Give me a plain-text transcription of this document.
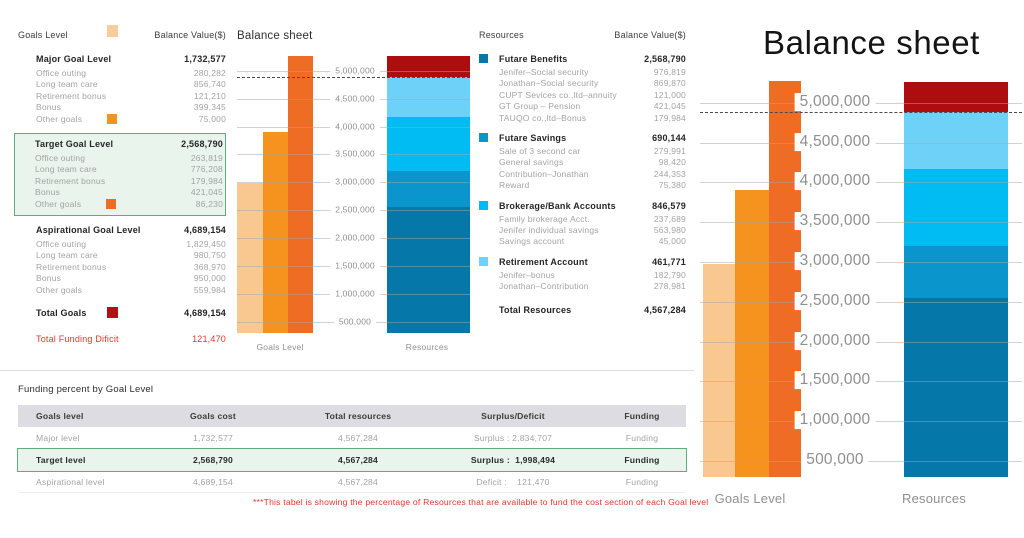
Goals Level	Balance Value($)
Major Goal Level	1,732,577
Office outing	280,282
Long team care	856,740
Retirement bonus	121,210
Bonus	399,345
Other goals	75,000
Target Goal Level	2,568,790
Office outing	263,819
Long team care	776,208
Retirement bonus	179,984
Bonus	421,045
Other goals	86,230
Aspirational Goal Level	4,689,154
Office outing	1,829,450
Long team care	980,750
Retirement bonus	368,970
Bonus	950,000
Other goals	559,984
Total Goals	4,689,154
Total Funding Dificit	121,470
Balance sheet
5,000,000
4,500,000
4,000,000
3,500,000
3,000,000
2,500,000
2,000,000
1,500,000
1,000,000
500,000
Goals Level	Resources
Resources	Balance Value($)
Futare Benefits	2,568,790
Jenifer–Social security	976,819
Jonathan–Social security	869,870
CUPT Sevices co.,ltd–annuity	121,000
GT Group – Pension	421,045
TAUQO co.,ltd–Bonus	179,984
Futare Savings	690,144
Sale of 3 second car	279,991
General savings	98,420
Contribution–Jonathan	244,353
Reward	75,380
Brokerage/Bank Accounts	846,579
Family brokerage Acct.	237,689
Jenifer individual savings	563,980
Savings account	45,000
Retirement Account	461,771
Jenifer–bonus	182,790
Jonathan–Contribution	278,981
Total Resources	4,567,284
Balance sheet
5,000,000
4,500,000
4,000,000
3,500,000
3,000,000
2,500,000
2,000,000
1,500,000
1,000,000
500,000
Goals Level	Resources
Funding percent by Goal Level
Goals level	Goals cost	Total resources	Surplus/Deficit	Funding
Major level	1,732,577	4,567,284	Surplus : 2,834,707	Funding
Target level	2,568,790	4,567,284	Surplus :  1,998,494	Funding
Aspirational level	4,689,154	4,567,284	Deficit :    121,470	Funding
***This tabel is showing the percentage of Resources that are available to fund the cost section of each Goal level
